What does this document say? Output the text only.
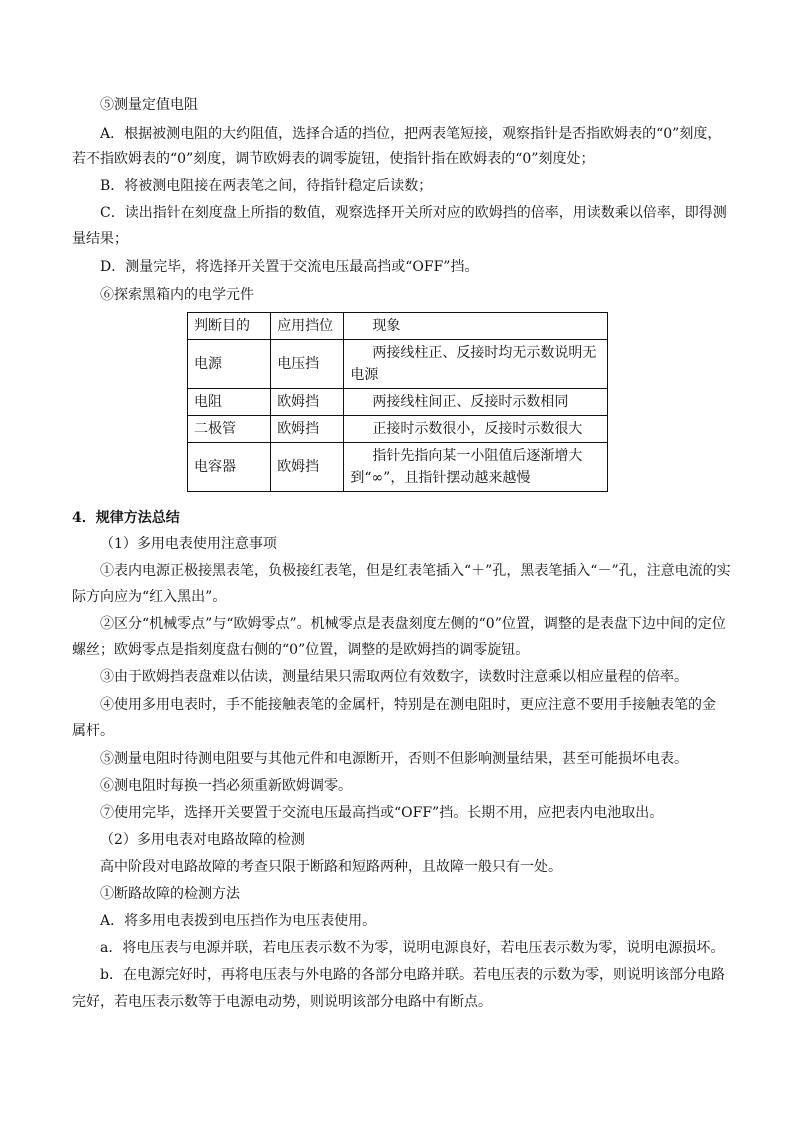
⑤测量定值电阻
A．根据被测电阻的大约阻值，选择合适的挡位，把两表笔短接，观察指针是否指欧姆表的“0”刻度，
若不指欧姆表的“0”刻度，调节欧姆表的调零旋钮，使指针指在欧姆表的“0”刻度处；
B．将被测电阻接在两表笔之间，待指针稳定后读数；
C．读出指针在刻度盘上所指的数值，观察选择开关所对应的欧姆挡的倍率，用读数乘以倍率，即得测
量结果；
D．测量完毕，将选择开关置于交流电压最高挡或“OFF”挡。
⑥探索黑箱内的电学元件
判断目的	应用挡位	现象
电源	电压挡	两接线柱正、反接时均无示数说明无
电源
电阻	欧姆挡	两接线柱间正、反接时示数相同
二极管	欧姆挡	正接时示数很小，反接时示数很大
电容器	欧姆挡	指针先指向某一小阻值后逐渐增大
到“∞”，且指针摆动越来越慢
4．规律方法总结
（1）多用电表使用注意事项
①表内电源正极接黑表笔，负极接红表笔，但是红表笔插入“＋”孔，黑表笔插入“－”孔，注意电流的实
际方向应为“红入黑出”。
②区分“机械零点”与“欧姆零点”。机械零点是表盘刻度左侧的“0”位置，调整的是表盘下边中间的定位
螺丝；欧姆零点是指刻度盘右侧的“0”位置，调整的是欧姆挡的调零旋钮。
③由于欧姆挡表盘难以估读，测量结果只需取两位有效数字，读数时注意乘以相应量程的倍率。
④使用多用电表时，手不能接触表笔的金属杆，特别是在测电阻时，更应注意不要用手接触表笔的金
属杆。
⑤测量电阻时待测电阻要与其他元件和电源断开，否则不但影响测量结果，甚至可能损坏电表。
⑥测电阻时每换一挡必须重新欧姆调零。
⑦使用完毕，选择开关要置于交流电压最高挡或“OFF”挡。长期不用，应把表内电池取出。
（2）多用电表对电路故障的检测
高中阶段对电路故障的考查只限于断路和短路两种，且故障一般只有一处。
①断路故障的检测方法
A．将多用电表拨到电压挡作为电压表使用。
a．将电压表与电源并联，若电压表示数不为零，说明电源良好，若电压表示数为零，说明电源损坏。
b．在电源完好时，再将电压表与外电路的各部分电路并联。若电压表的示数为零，则说明该部分电路
完好，若电压表示数等于电源电动势，则说明该部分电路中有断点。
